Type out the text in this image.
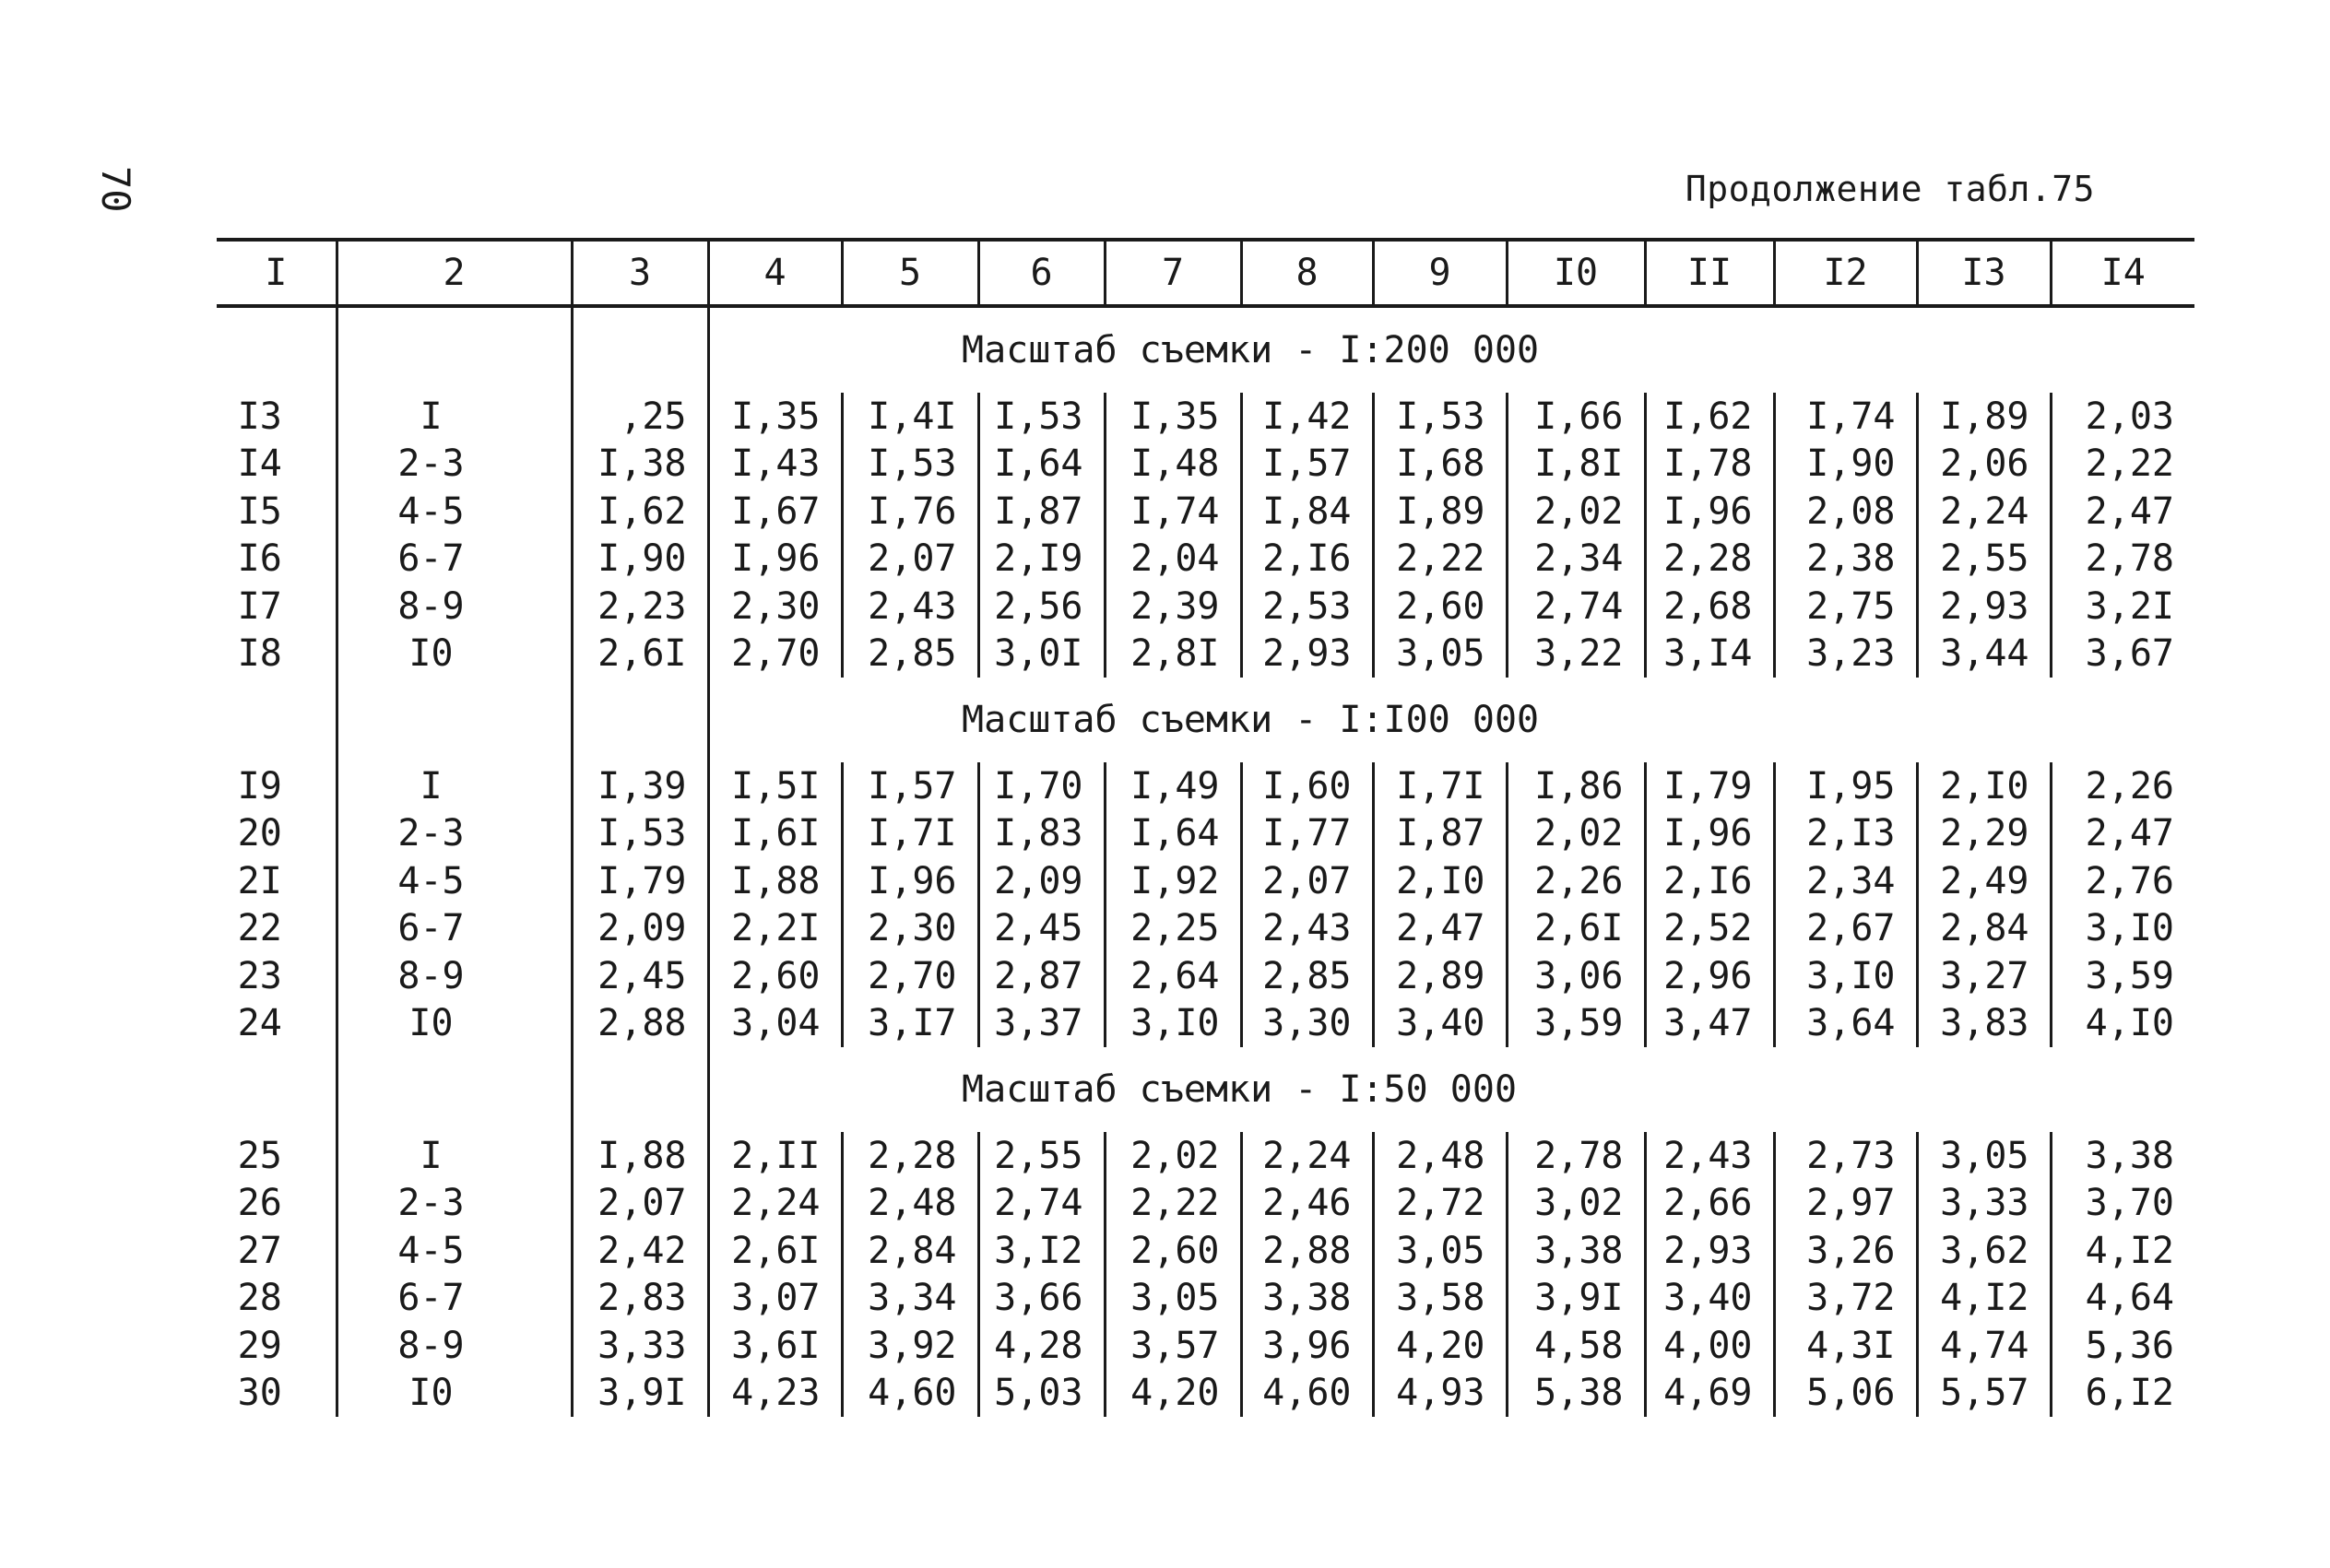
70	Продолжение табл.75
I	2	3	4	5	6	7	8	9	I0	II	I2	I3	I4
				Масштаб съемки - I:200 000									
I3	I	,25	I,35	I,4I	I,53	I,35	I,42	I,53	I,66	I,62	I,74	I,89	2,03
I4	2-3	I,38	I,43	I,53	I,64	I,48	I,57	I,68	I,8I	I,78	I,90	2,06	2,22
I5	4-5	I,62	I,67	I,76	I,87	I,74	I,84	I,89	2,02	I,96	2,08	2,24	2,47
I6	6-7	I,90	I,96	2,07	2,I9	2,04	2,I6	2,22	2,34	2,28	2,38	2,55	2,78
I7	8-9	2,23	2,30	2,43	2,56	2,39	2,53	2,60	2,74	2,68	2,75	2,93	3,2I
I8	I0	2,6I	2,70	2,85	3,0I	2,8I	2,93	3,05	3,22	3,I4	3,23	3,44	3,67
				Масштаб съемки - I:I00 000									
I9	I	I,39	I,5I	I,57	I,70	I,49	I,60	I,7I	I,86	I,79	I,95	2,I0	2,26
20	2-3	I,53	I,6I	I,7I	I,83	I,64	I,77	I,87	2,02	I,96	2,I3	2,29	2,47
2I	4-5	I,79	I,88	I,96	2,09	I,92	2,07	2,I0	2,26	2,I6	2,34	2,49	2,76
22	6-7	2,09	2,2I	2,30	2,45	2,25	2,43	2,47	2,6I	2,52	2,67	2,84	3,I0
23	8-9	2,45	2,60	2,70	2,87	2,64	2,85	2,89	3,06	2,96	3,I0	3,27	3,59
24	I0	2,88	3,04	3,I7	3,37	3,I0	3,30	3,40	3,59	3,47	3,64	3,83	4,I0
				Масштаб съемки - I:50 000									
25	I	I,88	2,II	2,28	2,55	2,02	2,24	2,48	2,78	2,43	2,73	3,05	3,38
26	2-3	2,07	2,24	2,48	2,74	2,22	2,46	2,72	3,02	2,66	2,97	3,33	3,70
27	4-5	2,42	2,6I	2,84	3,I2	2,60	2,88	3,05	3,38	2,93	3,26	3,62	4,I2
28	6-7	2,83	3,07	3,34	3,66	3,05	3,38	3,58	3,9I	3,40	3,72	4,I2	4,64
29	8-9	3,33	3,6I	3,92	4,28	3,57	3,96	4,20	4,58	4,00	4,3I	4,74	5,36
30	I0	3,9I	4,23	4,60	5,03	4,20	4,60	4,93	5,38	4,69	5,06	5,57	6,I2
